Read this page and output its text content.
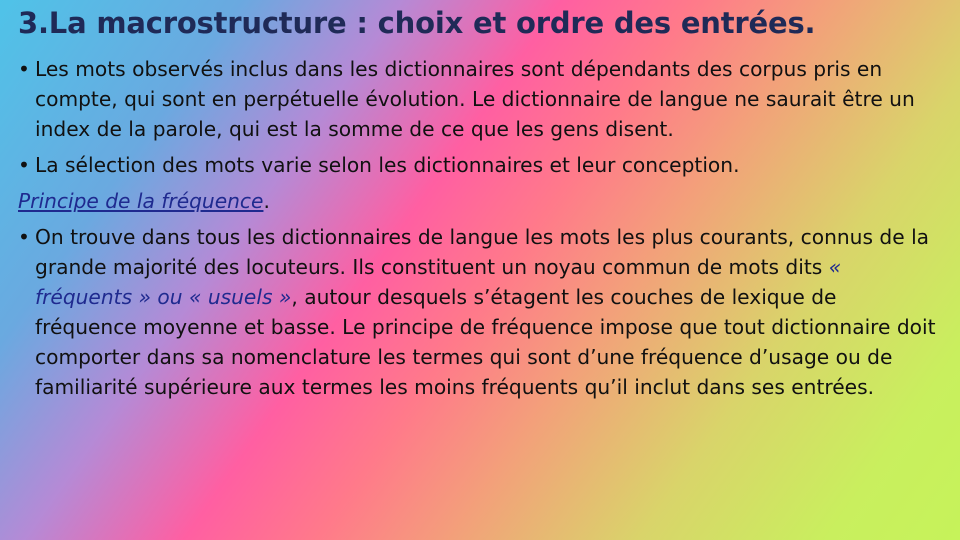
3.La macrostructure : choix et ordre des entrées.

• Les mots observés inclus dans les dictionnaires sont dépendants des corpus pris en compte, qui sont en perpétuelle évolution. Le dictionnaire de langue ne saurait être un index de la parole, qui est la somme de ce que les gens disent.

• La sélection des mots varie selon les dictionnaires et leur conception.

Principe de la fréquence.

• On trouve dans tous les dictionnaires de langue les mots les plus courants, connus de la grande majorité des locuteurs. Ils constituent un noyau commun de mots dits « fréquents » ou « usuels », autour desquels s’étagent les couches de lexique de fréquence moyenne et basse. Le principe de fréquence impose que tout dictionnaire doit comporter dans sa nomenclature les termes qui sont d’une fréquence d’usage ou de familiarité supérieure aux termes les moins fréquents qu’il inclut dans ses entrées.
